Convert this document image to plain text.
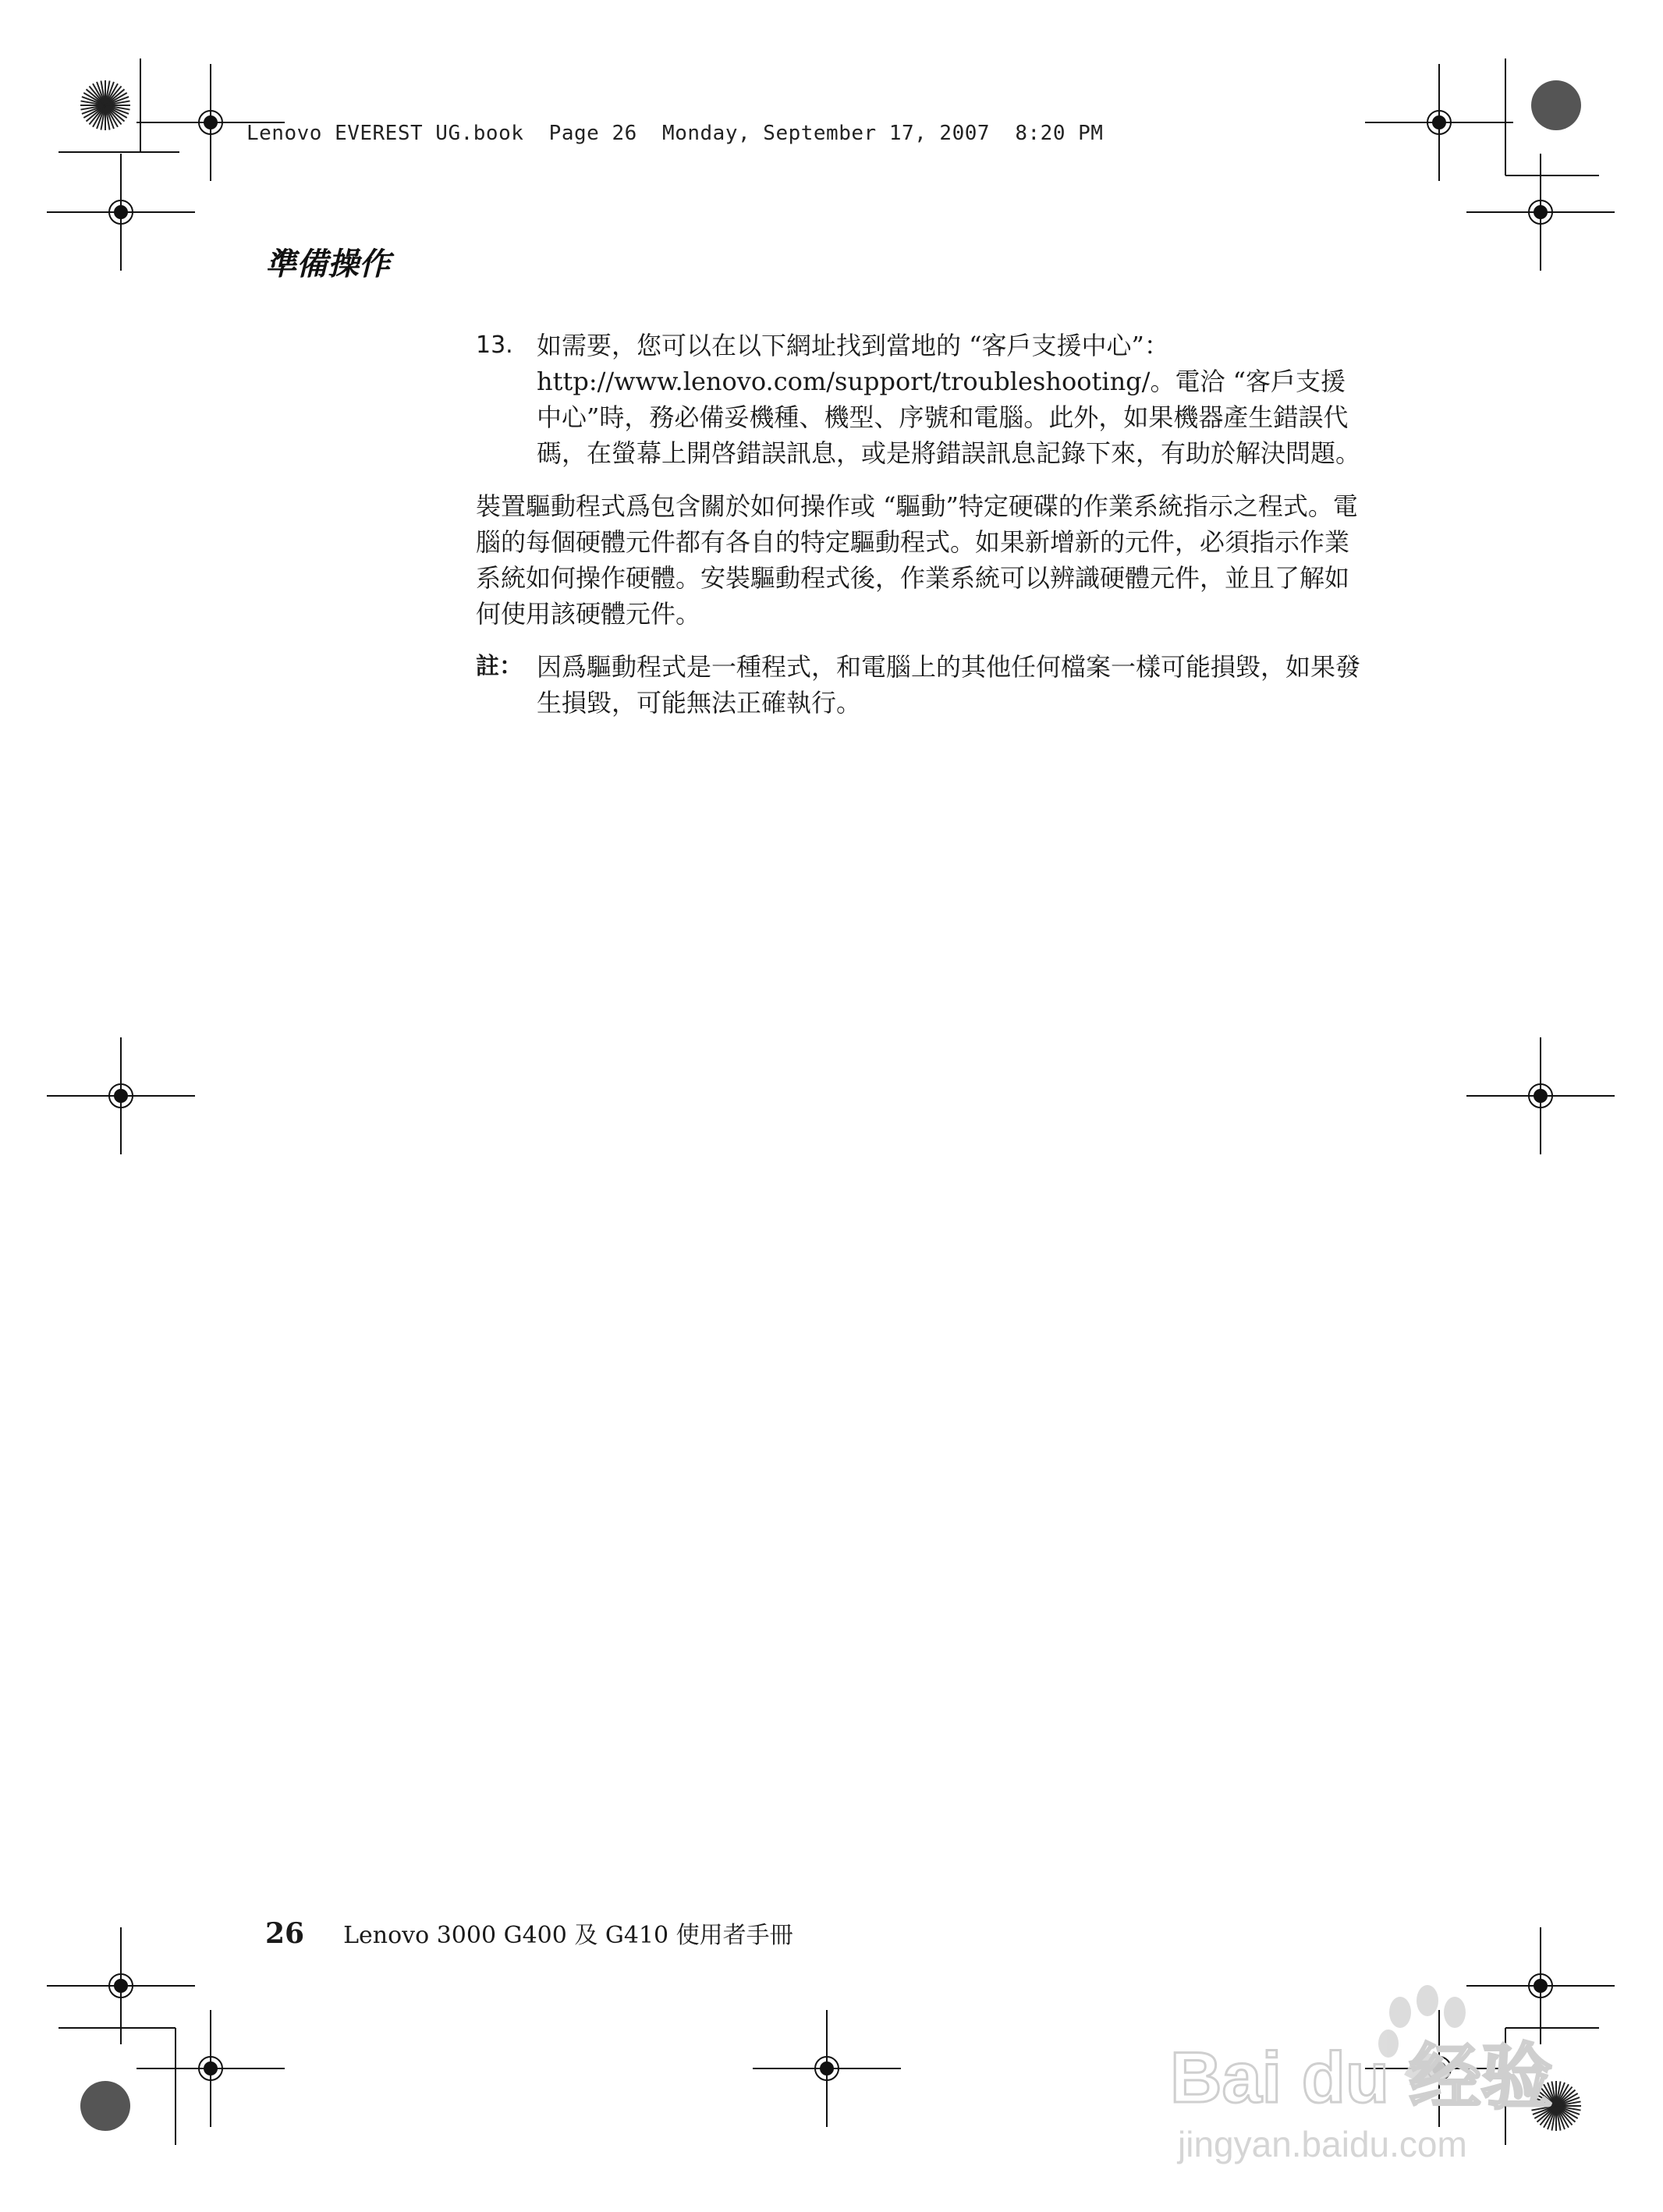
Lenovo EVEREST UG.book  Page 26  Monday, September 17, 2007  8:20 PM
準備操作
13. 如需要，您可以在以下網址找到當地的 “客戶支援中心”：http://www.lenovo.com/support/troubleshooting/。電洽 “客戶支援中心”時，務必備妥機種、機型、序號和電腦。此外，如果機器產生錯誤代碼，在螢幕上開啓錯誤訊息，或是將錯誤訊息記錄下來，有助於解決問題。
裝置驅動程式爲包含關於如何操作或 “驅動”特定硬碟的作業系統指示之程式。電腦的每個硬體元件都有各自的特定驅動程式。如果新增新的元件，必須指示作業系統如何操作硬體。安裝驅動程式後，作業系統可以辨識硬體元件，並且了解如何使用該硬體元件。
註： 因爲驅動程式是一種程式，和電腦上的其他任何檔案一樣可能損毀，如果發生損毀，可能無法正確執行。
26 Lenovo 3000 G400 及 G410 使用者手冊
Bai du 经验
jingyan.baidu.com
